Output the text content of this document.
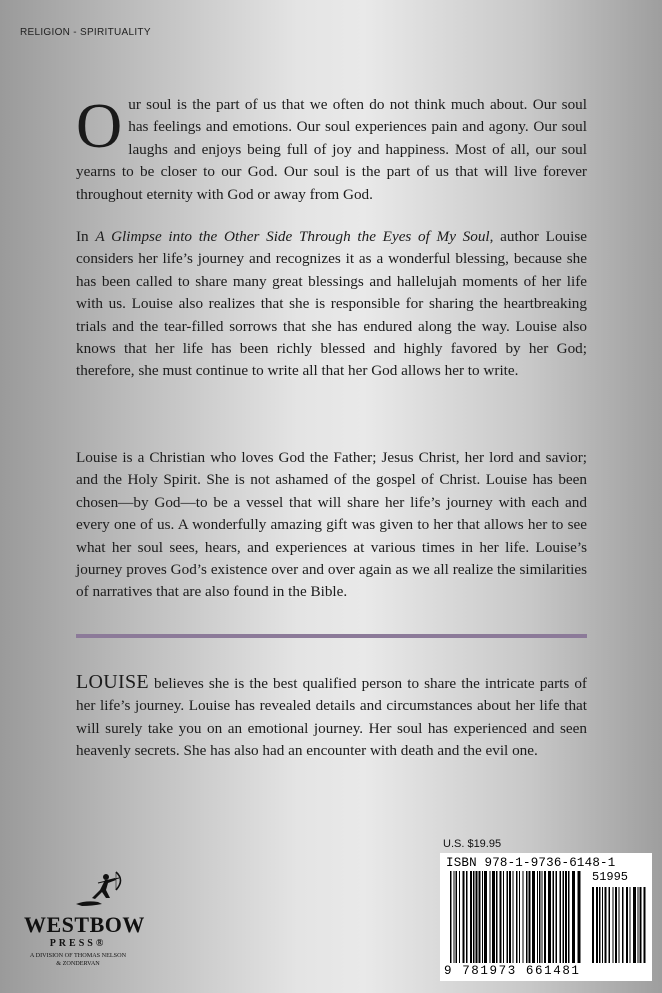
RELIGION - SPIRITUALITY
Our soul is the part of us that we often do not think much about. Our soul has feelings and emotions. Our soul experiences pain and agony. Our soul laughs and enjoys being full of joy and happiness. Most of all, our soul yearns to be closer to our God. Our soul is the part of us that will live forever throughout eternity with God or away from God.
In A Glimpse into the Other Side Through the Eyes of My Soul, author Louise considers her life’s journey and recognizes it as a wonderful blessing, because she has been called to share many great blessings and hallelujah moments of her life with us. Louise also realizes that she is responsible for sharing the heartbreaking trials and the tear-filled sorrows that she has endured along the way. Louise also knows that her life has been richly blessed and highly favored by her God; therefore, she must continue to write all that her God allows her to write.
Louise is a Christian who loves God the Father; Jesus Christ, her lord and savior; and the Holy Spirit. She is not ashamed of the gospel of Christ. Louise has been chosen—by God—to be a vessel that will share her life’s journey with each and every one of us. A wonderfully amazing gift was given to her that allows her to see what her soul sees, hears, and experiences at various times in her life. Louise’s journey proves God’s existence over and over again as we all realize the similarities of narratives that are also found in the Bible.
LOUISE believes she is the best qualified person to share the intricate parts of her life’s journey. Louise has revealed details and circumstances about her life that will surely take you on an emotional journey. Her soul has experienced and seen heavenly secrets. She has also had an encounter with death and the evil one.
WESTBOW
PRESS®
A DIVISION OF THOMAS NELSON
& ZONDERVAN
U.S. $19.95
ISBN 978-1-9736-6148-1
51995
9 781973 661481
